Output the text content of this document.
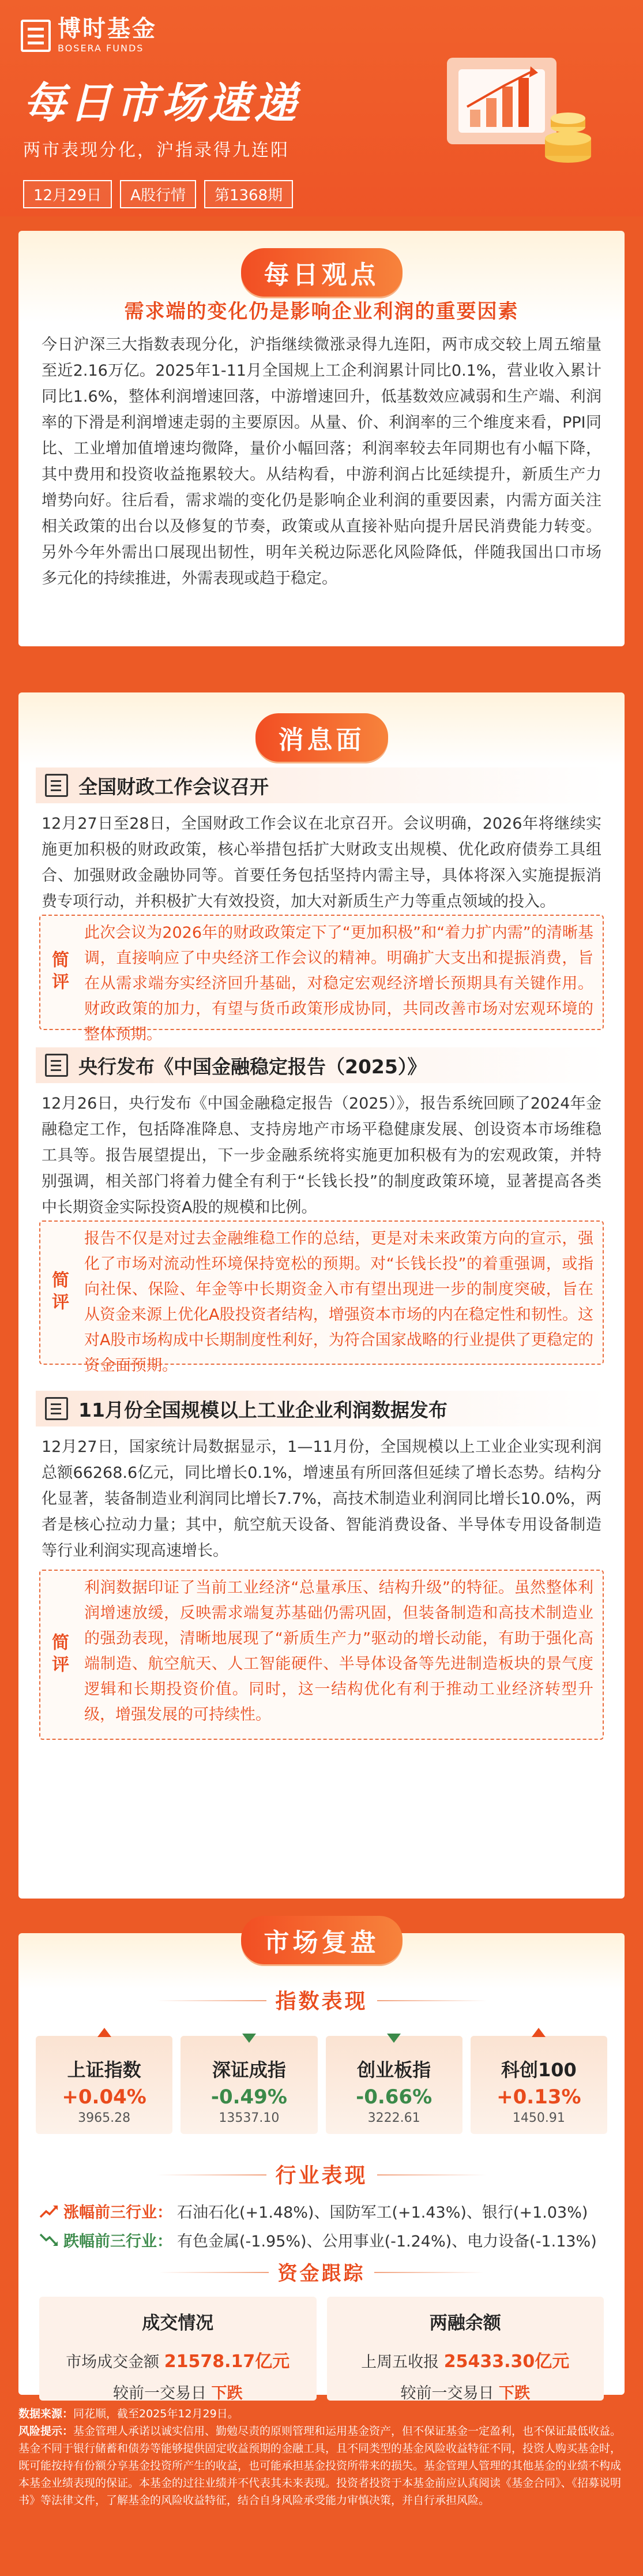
博时基金
BOSERA FUNDS
每日市场速递
两市表现分化，沪指录得九连阳
12月29日	A股行情	第1368期
每日观点
需求端的变化仍是影响企业利润的重要因素
今日沪深三大指数表现分化，沪指继续微涨录得九连阳，两市成交较上周五缩量至近2.16万亿。2025年1-11月全国规上工企利润累计同比0.1%，营业收入累计同比1.6%，整体利润增速回落，中游增速回升，低基数效应减弱和生产端、利润率的下滑是利润增速走弱的主要原因。从量、价、利润率的三个维度来看，PPI同比、工业增加值增速均微降，量价小幅回落；利润率较去年同期也有小幅下降，其中费用和投资收益拖累较大。从结构看，中游利润占比延续提升，新质生产力增势向好。往后看，需求端的变化仍是影响企业利润的重要因素，内需方面关注相关政策的出台以及修复的节奏，政策或从直接补贴向提升居民消费能力转变。另外今年外需出口展现出韧性，明年关税边际恶化风险降低，伴随我国出口市场多元化的持续推进，外需表现或趋于稳定。
消息面
全国财政工作会议召开
12月27日至28日，全国财政工作会议在北京召开。会议明确，2026年将继续实施更加积极的财政政策，核心举措包括扩大财政支出规模、优化政府债券工具组合、加强财政金融协同等。首要任务包括坚持内需主导，具体将深入实施提振消费专项行动，并积极扩大有效投资，加大对新质生产力等重点领域的投入。
简评
此次会议为2026年的财政政策定下了“更加积极”和“着力扩内需”的清晰基调，直接响应了中央经济工作会议的精神。明确扩大支出和提振消费，旨在从需求端夯实经济回升基础，对稳定宏观经济增长预期具有关键作用。财政政策的加力，有望与货币政策形成协同，共同改善市场对宏观环境的整体预期。
央行发布《中国金融稳定报告（2025）》
12月26日，央行发布《中国金融稳定报告（2025）》，报告系统回顾了2024年金融稳定工作，包括降准降息、支持房地产市场平稳健康发展、创设资本市场维稳工具等。报告展望提出，下一步金融系统将实施更加积极有为的宏观政策，并特别强调，相关部门将着力健全有利于“长钱长投”的制度政策环境，显著提高各类中长期资金实际投资A股的规模和比例。
简评
报告不仅是对过去金融维稳工作的总结，更是对未来政策方向的宣示，强化了市场对流动性环境保持宽松的预期。对“长钱长投”的着重强调，或指向社保、保险、年金等中长期资金入市有望出现进一步的制度突破，旨在从资金来源上优化A股投资者结构，增强资本市场的内在稳定性和韧性。这对A股市场构成中长期制度性利好，为符合国家战略的行业提供了更稳定的资金面预期。
11月份全国规模以上工业企业利润数据发布
12月27日，国家统计局数据显示，1—11月份，全国规模以上工业企业实现利润总额66268.6亿元，同比增长0.1%，增速虽有所回落但延续了增长态势。结构分化显著，装备制造业利润同比增长7.7%，高技术制造业利润同比增长10.0%，两者是核心拉动力量；其中，航空航天设备、智能消费设备、半导体专用设备制造等行业利润实现高速增长。
简评
利润数据印证了当前工业经济“总量承压、结构升级”的特征。虽然整体利润增速放缓，反映需求端复苏基础仍需巩固，但装备制造和高技术制造业的强劲表现，清晰地展现了“新质生产力”驱动的增长动能，有助于强化高端制造、航空航天、人工智能硬件、半导体设备等先进制造板块的景气度逻辑和长期投资价值。同时，这一结构优化有利于推动工业经济转型升级，增强发展的可持续性。
市场复盘
指数表现
上证指数
+0.04%
3965.28
深证成指
-0.49%
13537.10
创业板指
-0.66%
3222.61
科创100
+0.13%
1450.91
行业表现
涨幅前三行业： 石油石化(+1.48%)、国防军工(+1.43%)、银行(+1.03%)
跌幅前三行业： 有色金属(-1.95%)、公用事业(-1.24%)、电力设备(-1.13%)
资金跟踪
成交情况
市场成交金额 21578.17亿元
较前一交易日 下跌
两融余额
上周五收报 25433.30亿元
较前一交易日 下跌
数据来源：同花顺，截至2025年12月29日。
风险提示：基金管理人承诺以诚实信用、勤勉尽责的原则管理和运用基金资产，但不保证基金一定盈利，也不保证最低收益。基金不同于银行储蓄和债券等能够提供固定收益预期的金融工具，且不同类型的基金风险收益特征不同，投资人购买基金时，既可能按持有份额分享基金投资所产生的收益，也可能承担基金投资所带来的损失。基金管理人管理的其他基金的业绩不构成本基金业绩表现的保证。本基金的过往业绩并不代表其未来表现。投资者投资于本基金前应认真阅读《基金合同》、《招募说明书》等法律文件，了解基金的风险收益特征，结合自身风险承受能力审慎决策，并自行承担风险。
